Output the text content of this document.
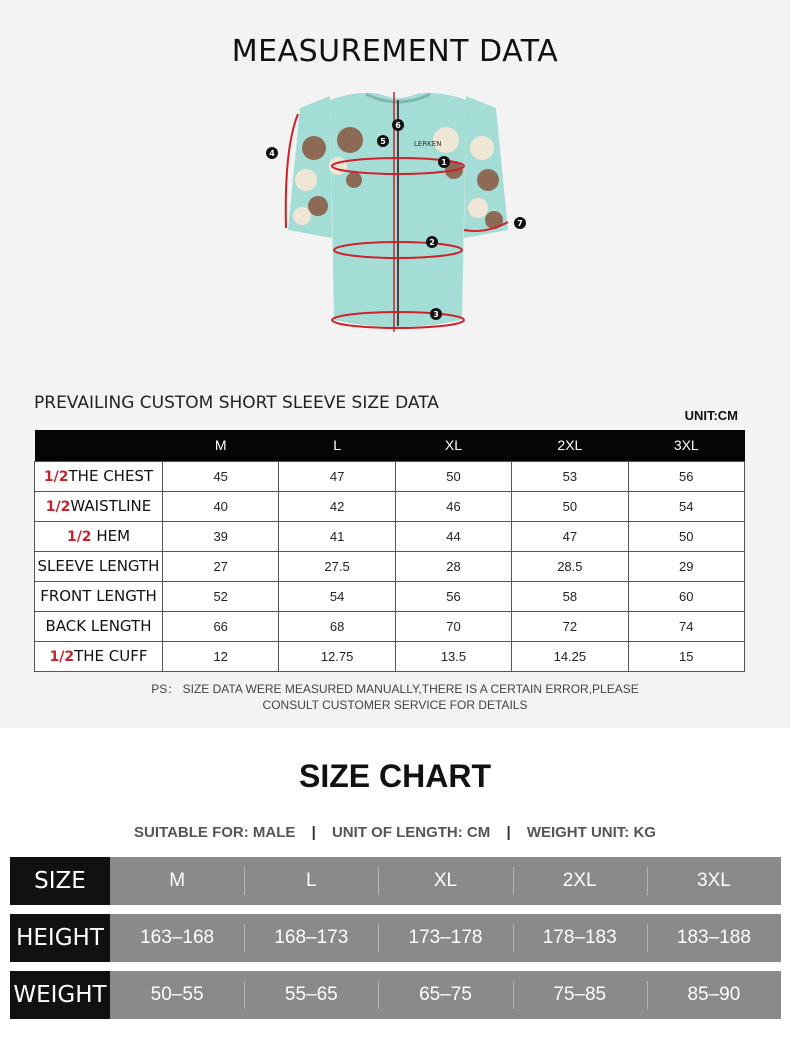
MEASUREMENT DATA
LERKEN
1
2
3
4
5
6
7
PREVAILING CUSTOM SHORT SLEEVE SIZE DATA
UNIT:CM
	M	L	XL	2XL	3XL
1/2THE CHEST	45	47	50	53	56
1/2WAISTLINE	40	42	46	50	54
1/2 HEM	39	41	44	47	50
SLEEVE LENGTH	27	27.5	28	28.5	29
FRONT LENGTH	52	54	56	58	60
BACK LENGTH	66	68	70	72	74
1/2THE CUFF	12	12.75	13.5	14.25	15
PS： SIZE DATA WERE MEASURED MANUALLY,THERE IS A CERTAIN ERROR,PLEASE
CONSULT CUSTOMER SERVICE FOR DETAILS
SIZE CHART
SUITABLE FOR: MALE | UNIT OF LENGTH: CM | WEIGHT UNIT: KG
SIZE	M	L	XL	2XL	3XL
HEIGHT	163–168	168–173	173–178	178–183	183–188
WEIGHT	50–55	55–65	65–75	75–85	85–90
